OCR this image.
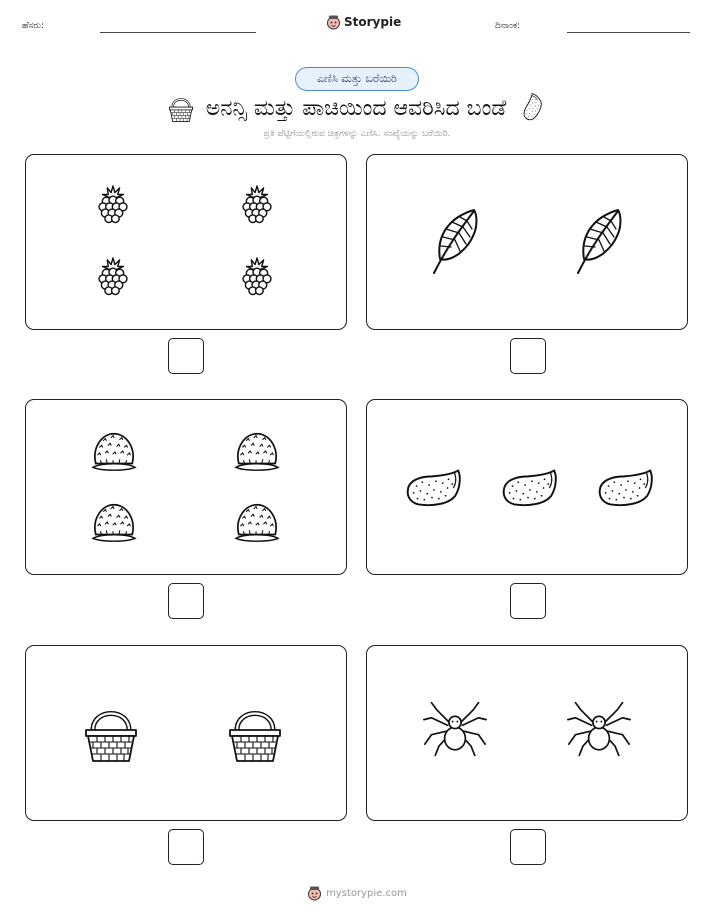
ಹೆಸರು:	Storypie	ದಿನಾಂಕ:
ಎಣಿಸಿ ಮತ್ತು ಬರೆಯಿರಿ
ಅನನ್ಸಿ ಮತ್ತು ಪಾಚಿಯಿಂದ ಆವರಿಸಿದ ಬಂಡೆ
ಪ್ರತಿ ಪೆಟ್ಟಿಗೆಯಲ್ಲಿರುವ ಚಿತ್ರಗಳನ್ನು ಎಣಿಸಿ. ಸಂಖ್ಯೆಯನ್ನು ಬರೆಯಿರಿ.
mystorypie.com
